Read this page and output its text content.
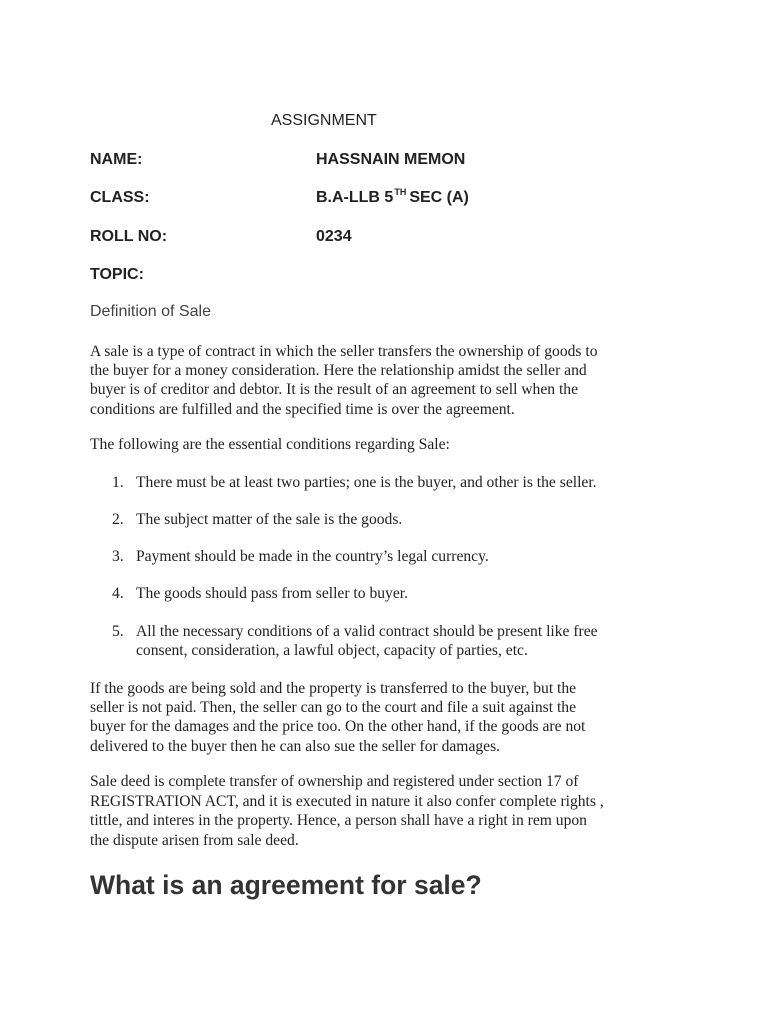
ASSIGNMENT
NAME:	HASSNAIN MEMON
CLASS:	B.A-LLB 5TH SEC (A)
ROLL NO:	0234
TOPIC:
Definition of Sale
A sale is a type of contract in which the seller transfers the ownership of goods to
the buyer for a money consideration. Here the relationship amidst the seller and
buyer is of creditor and debtor. It is the result of an agreement to sell when the
conditions are fulfilled and the specified time is over the agreement.
The following are the essential conditions regarding Sale:
1. There must be at least two parties; one is the buyer, and other is the seller.
2. The subject matter of the sale is the goods.
3. Payment should be made in the country’s legal currency.
4. The goods should pass from seller to buyer.
5. All the necessary conditions of a valid contract should be present like free
consent, consideration, a lawful object, capacity of parties, etc.
If the goods are being sold and the property is transferred to the buyer, but the
seller is not paid. Then, the seller can go to the court and file a suit against the
buyer for the damages and the price too. On the other hand, if the goods are not
delivered to the buyer then he can also sue the seller for damages.
Sale deed is complete transfer of ownership and registered under section 17 of
REGISTRATION ACT, and it is executed in nature it also confer complete rights ,
tittle, and interes in the property. Hence, a person shall have a right in rem upon
the dispute arisen from sale deed.
What is an agreement for sale?
